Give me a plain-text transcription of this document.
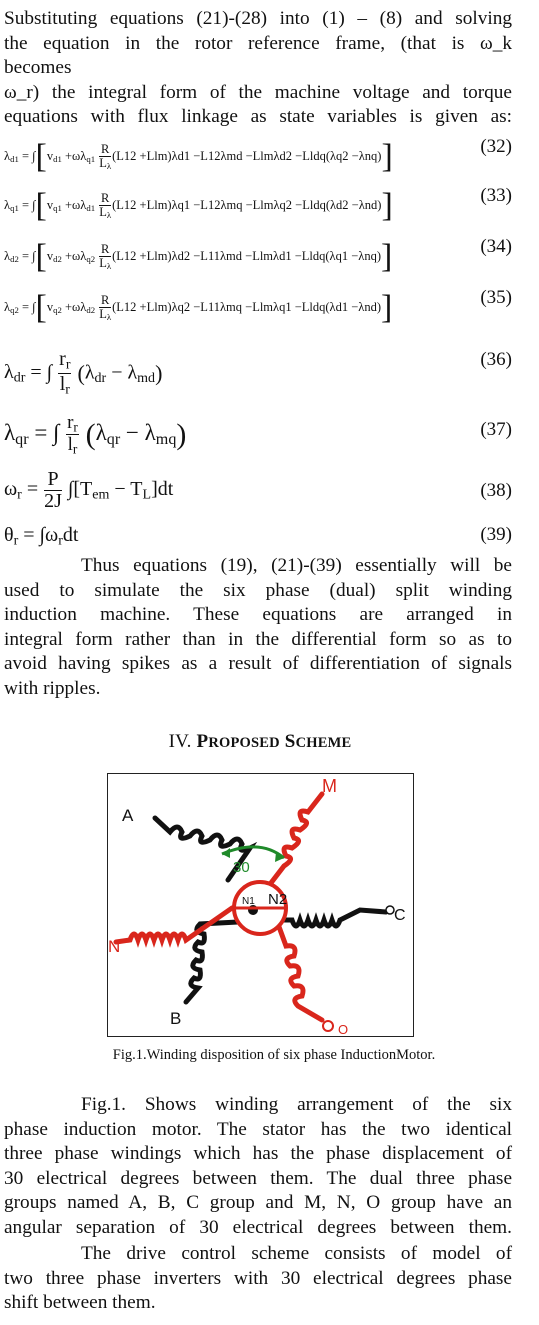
Substituting equations (21)-(28) into (1) – (8) and solving
the equation in the rotor reference frame, (that is ω_k
becomes
ω_r) the integral form of the machine voltage and torque
equations with flux linkage as state variables is given as:
$\lambda_{d1} = \int[v_{d1} +\omega\lambda_{q1} \frac{R}{L_\lambda} (L12 +Llm)\lambda d1 -L12\lambda md -Llm\lambda d2$ −Lldq(λq2 −λnq)]	(32)
$\lambda_{q1} = \int[v_{q1} +\omega\lambda_{d1} \frac{R}{L_\lambda} (L12 +Llm)\lambda q1 -L12\lambda mq -Llm\lambda q2$ −Lldq(λd2 −λnd)]	(33)
$\lambda_{d2} = \int[v_{d2} +\omega\lambda_{q2} \frac{R}{L_\lambda} (L12 +Llm)\lambda d2 -L11\lambda md -Llm\lambda d1$ −Lldq(λq1 −λnq)]	(34)
$\lambda_{q2} = \int[v_{q2} +\omega\lambda_{d2} \frac{R}{L_\lambda} (L12 +Llm)\lambda q2 -L11\lambda mq -Llm\lambda q1$ −Lldq(λd1 −λnd)]	(35)
$\lambda_{dr}$ = ∫ $\frac{r_r}{l_r} (\lambda_{dr} - \lambda_{md})$
(36)
$\lambda_{qr}$ = ∫ $\frac{r_r}{l_r} (\lambda_{qr} - \lambda_{mq})$	(37)
$\omega_r = \frac{P}{2J} \int[T_{em} - T_L]dt$	(38)
$\theta_r = \int\omega_rdt$	(39)
Thus equations (19), (21)-(39) essentially will be
used to simulate the six phase (dual) split winding
induction machine. These equations are arranged in
integral form rather than in the differential form so as to
avoid having spikes as a result of differentiation of signals
with ripples.
IV. PROPOSED SCHEME
30
N1 N2
A
B
C
M
N
O
Fig.1.Winding disposition of six phase InductionMotor.
Fig.1. Shows winding arrangement of the six
phase induction motor. The stator has the two identical
three phase windings which has the phase displacement of
30 electrical degrees between them. The dual three phase
groups named A, B, C group and M, N, O group have an
angular separation of 30 electrical degrees between them.
The drive control scheme consists of model of
two three phase inverters with 30 electrical degrees phase
shift between them.
